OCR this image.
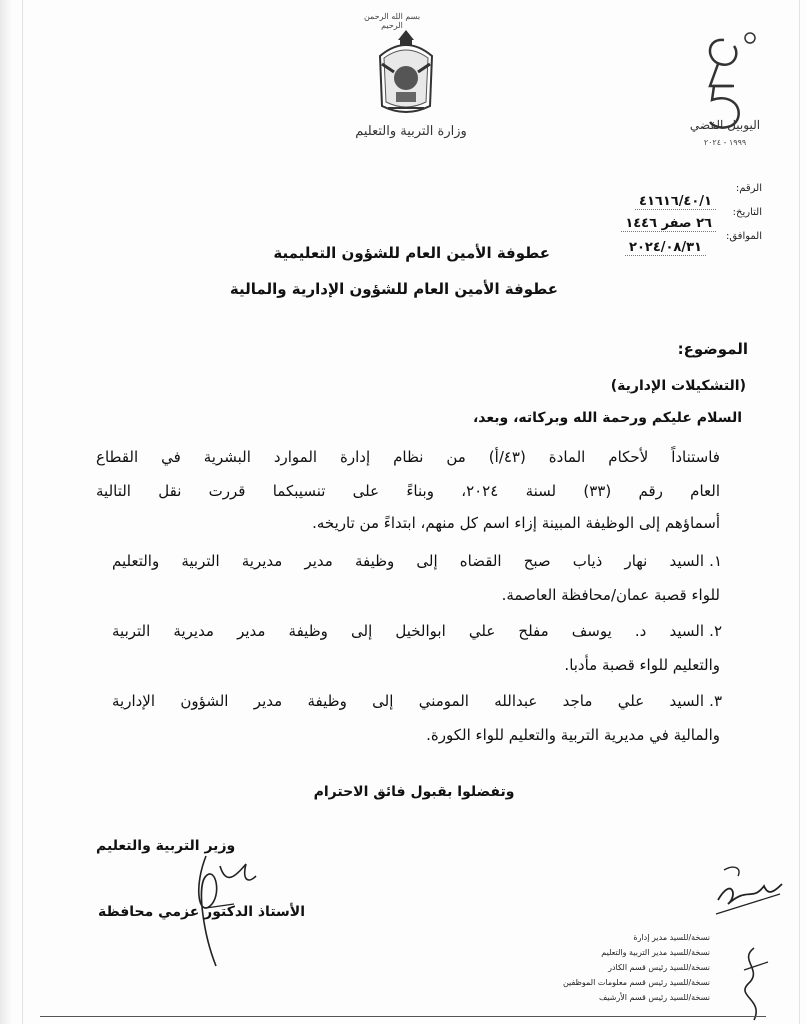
بسم الله الرحمن الرحيم
وزارة التربية والتعليم	اليوبيل الفضي
١٩٩٩ - ٢٠٢٤
الرقم:
التاريخ:
الموافق:
٤١٦١٦/٤٠/١
٢٦ صفر ١٤٤٦
٢٠٢٤/٠٨/٣١
عطوفة الأمين العام للشؤون التعليمية
عطوفة الأمين العام للشؤون الإدارية والمالية
الموضوع:
(التشكيلات الإدارية)
السلام عليكم ورحمة الله وبركاته، وبعد،
فاستناداً لأحكام المادة (٤٣/أ) من نظام إدارة الموارد البشرية في القطاع
العام رقم (٣٣) لسنة ٢٠٢٤، وبناءً على تنسيبكما قررت نقل التالية
أسماؤهم إلى الوظيفة المبينة إزاء اسم كل منهم، ابتداءً من تاريخه.
١.
السيد نهار ذياب صبح القضاه إلى وظيفة مدير مديرية التربية والتعليم
للواء قصبة عمان/محافظة العاصمة.
٢.
السيد د. يوسف مفلح علي ابوالخيل إلى وظيفة مدير مديرية التربية
والتعليم للواء قصبة مأدبا.
٣.
السيد علي ماجد عبدالله المومني إلى وظيفة مدير الشؤون الإدارية
والمالية في مديرية التربية والتعليم للواء الكورة.
وتفضلوا بقبول فائق الاحترام
وزير التربية والتعليم
الأستاذ الدكتور عزمي محافظة
نسخة/للسيد مدير إدارة
نسخة/للسيد مدير التربية والتعليم
نسخة/للسيد رئيس قسم الكادر
نسخة/للسيد رئيس قسم معلومات الموظفين
نسخة/للسيد رئيس قسم الأرشيف
